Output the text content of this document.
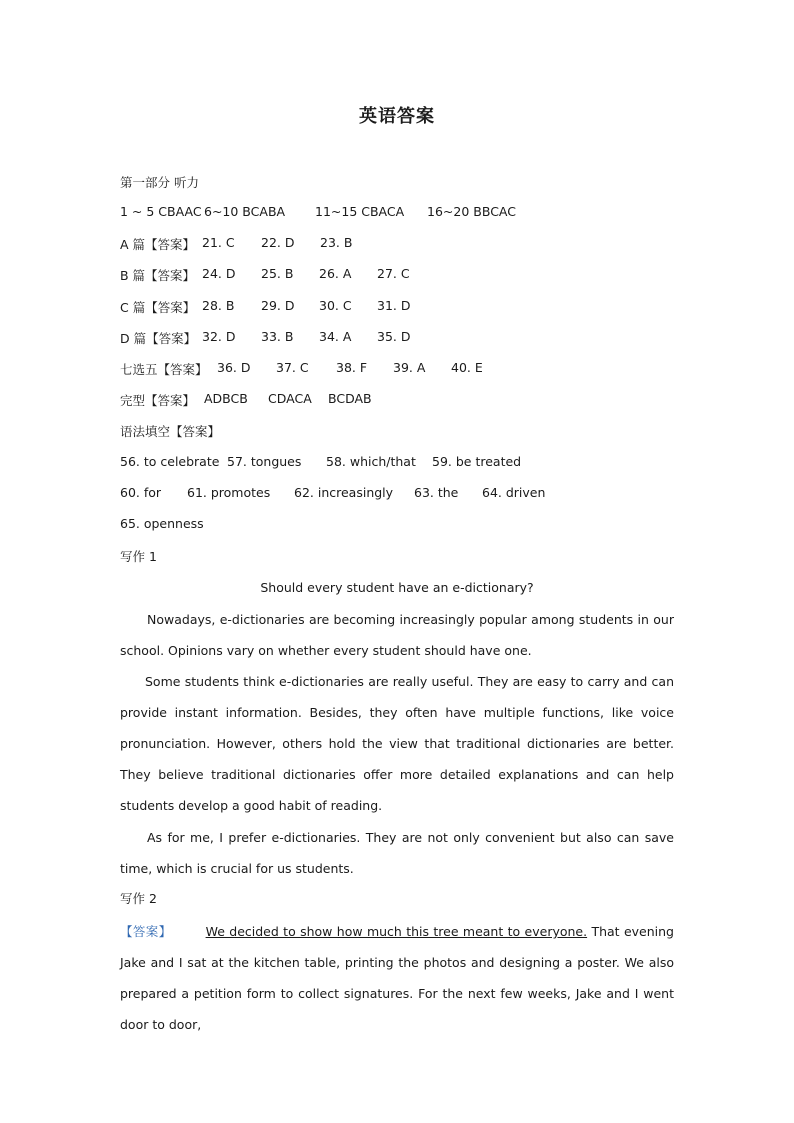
英语答案
第一部分 听力
1 ~ 5 CBAAC 6~10 BCABA 11~15 CBACA 16~20 BBCAC
A 篇【答案】 21. C 22. D 23. B
B 篇【答案】 24. D 25. B 26. A 27. C
C 篇【答案】 28. B 29. D 30. C 31. D
D 篇【答案】 32. D 33. B 34. A 35. D
七选五【答案】 36. D 37. C 38. F 39. A 40. E
完型【答案】 ADBCB CDACA BCDAB
语法填空【答案】
56. to celebrate 57. tongues 58. which/that 59. be treated
60. for 61. promotes 62. increasingly 63. the 64. driven
65. openness
写作 1
Should every student have an e-dictionary?
Nowadays, e-dictionaries are becoming increasingly popular among students in our school. Opinions vary on whether every student should have one.
Some students think e-dictionaries are really useful. They are easy to carry and can provide instant information. Besides, they often have multiple functions, like voice pronunciation. However, others hold the view that traditional dictionaries are better. They believe traditional dictionaries offer more detailed explanations and can help students develop a good habit of reading.
As for me, I prefer e-dictionaries. They are not only convenient but also can save time, which is crucial for us students.
写作 2
【答案】	We decided to show how much this tree meant to everyone. That evening Jake and I sat at the kitchen table, printing the photos and designing a poster. We also prepared a petition form to collect signatures. For the next few weeks, Jake and I went door to door,
